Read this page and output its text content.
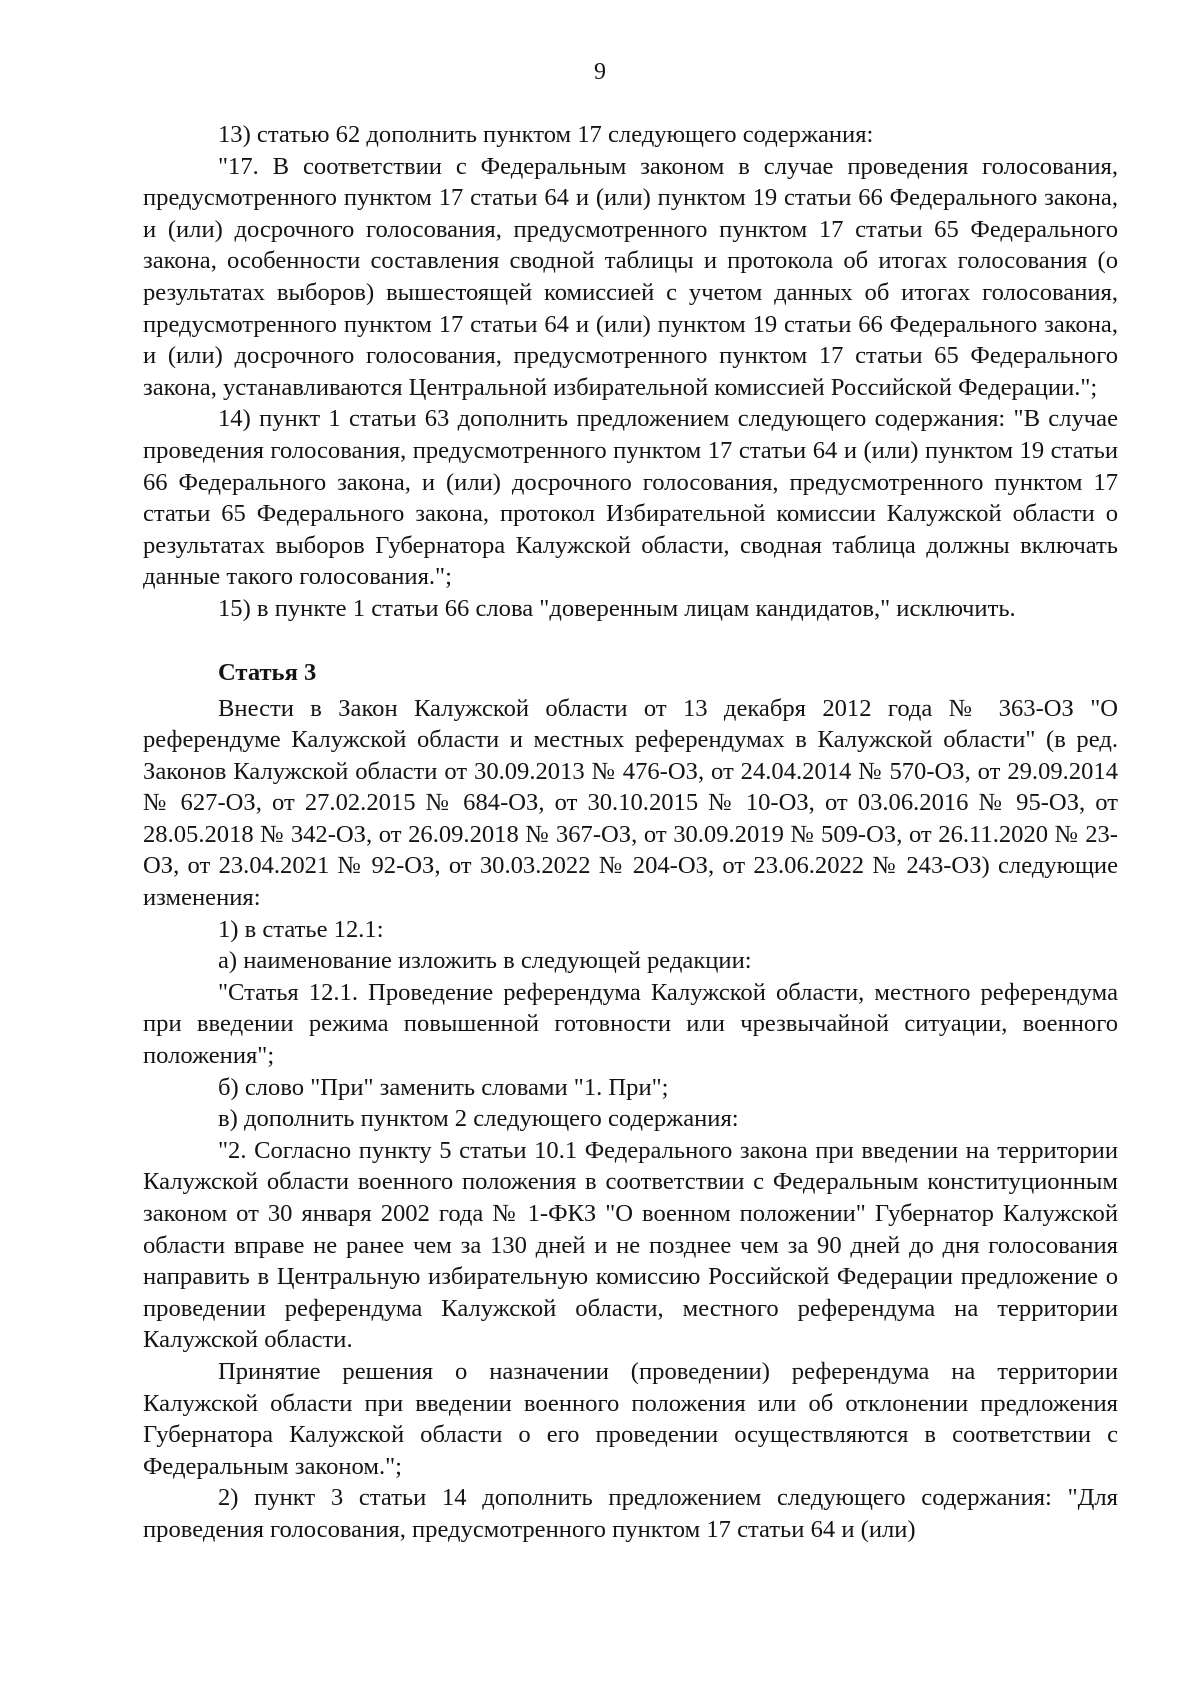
9

13) статью 62 дополнить пунктом 17 следующего содержания:

"17. В соответствии с Федеральным законом в случае проведения голосования, предусмотренного пунктом 17 статьи 64 и (или) пунктом 19 статьи 66 Федерального закона, и (или) досрочного голосования, предусмотренного пунктом 17 статьи 65 Федерального закона, особенности составления сводной таблицы и протокола об итогах голосования (о результатах выборов) вышестоящей комиссией с учетом данных об итогах голосования, предусмотренного пунктом 17 статьи 64 и (или) пунктом 19 статьи 66 Федерального закона, и (или) досрочного голосования, предусмотренного пунктом 17 статьи 65 Федерального закона, устанавливаются Центральной избирательной комиссией Российской Федерации.";

14) пункт 1 статьи 63 дополнить предложением следующего содержания: "В случае проведения голосования, предусмотренного пунктом 17 статьи 64 и (или) пунктом 19 статьи 66 Федерального закона, и (или) досрочного голосования, предусмотренного пунктом 17 статьи 65 Федерального закона, протокол Избирательной комиссии Калужской области о результатах выборов Губернатора Калужской области, сводная таблица должны включать данные такого голосования.";

15) в пункте 1 статьи 66 слова "доверенным лицам кандидатов," исключить.

Статья 3

Внести в Закон Калужской области от 13 декабря 2012 года № 363-ОЗ "О референдуме Калужской области и местных референдумах в Калужской области" (в ред. Законов Калужской области от 30.09.2013 № 476-ОЗ, от 24.04.2014 № 570-ОЗ, от 29.09.2014 № 627-ОЗ, от 27.02.2015 № 684-ОЗ, от 30.10.2015 № 10-ОЗ, от 03.06.2016 № 95-ОЗ, от 28.05.2018 № 342-ОЗ, от 26.09.2018 № 367-ОЗ, от 30.09.2019 № 509-ОЗ, от 26.11.2020 № 23-ОЗ, от 23.04.2021 № 92-ОЗ, от 30.03.2022 № 204-ОЗ, от 23.06.2022 № 243-ОЗ) следующие изменения:

1) в статье 12.1:

а) наименование изложить в следующей редакции:

"Статья 12.1. Проведение референдума Калужской области, местного референдума при введении режима повышенной готовности или чрезвычайной ситуации, военного положения";

б) слово "При" заменить словами "1. При";

в) дополнить пунктом 2 следующего содержания:

"2. Согласно пункту 5 статьи 10.1 Федерального закона при введении на территории Калужской области военного положения в соответствии с Федеральным конституционным законом от 30 января 2002 года № 1-ФКЗ "О военном положении" Губернатор Калужской области вправе не ранее чем за 130 дней и не позднее чем за 90 дней до дня голосования направить в Центральную избирательную комиссию Российской Федерации предложение о проведении референдума Калужской области, местного референдума на территории Калужской области.

Принятие решения о назначении (проведении) референдума на территории Калужской области при введении военного положения или об отклонении предложения Губернатора Калужской области о его проведении осуществляются в соответствии с Федеральным законом.";

2) пункт 3 статьи 14 дополнить предложением следующего содержания: "Для проведения голосования, предусмотренного пунктом 17 статьи 64 и (или)
